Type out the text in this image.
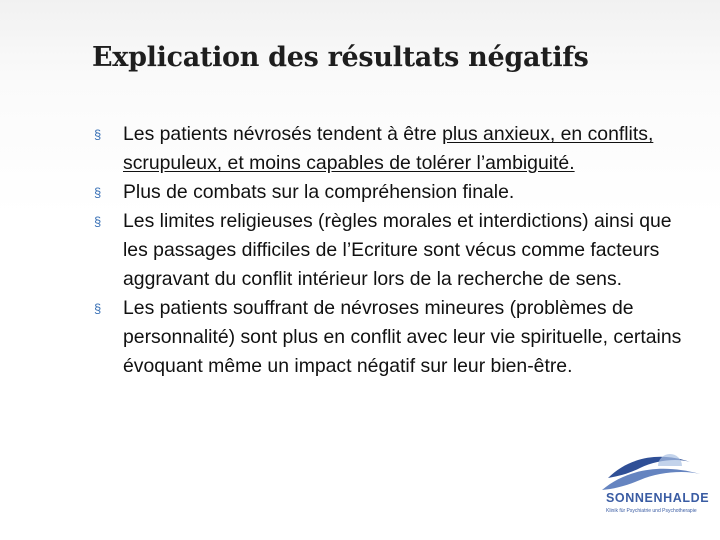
Explication des résultats négatifs
§	Les patients névrosés tendent à être plus anxieux, en conflits, scrupuleux, et moins capables de tolérer l’ambiguité.
§	Plus de combats sur la compréhension finale.
§	Les limites religieuses (règles morales et interdictions) ainsi que les passages difficiles de l’Ecriture sont vécus comme facteurs aggravant du conflit intérieur lors de la recherche de sens.
§	Les patients souffrant de névroses mineures (problèmes de personnalité) sont plus en conflit avec leur vie spirituelle, certains évoquant même un impact négatif sur leur bien-être.
SONNENHALDE
Klinik für Psychiatrie und Psychotherapie
